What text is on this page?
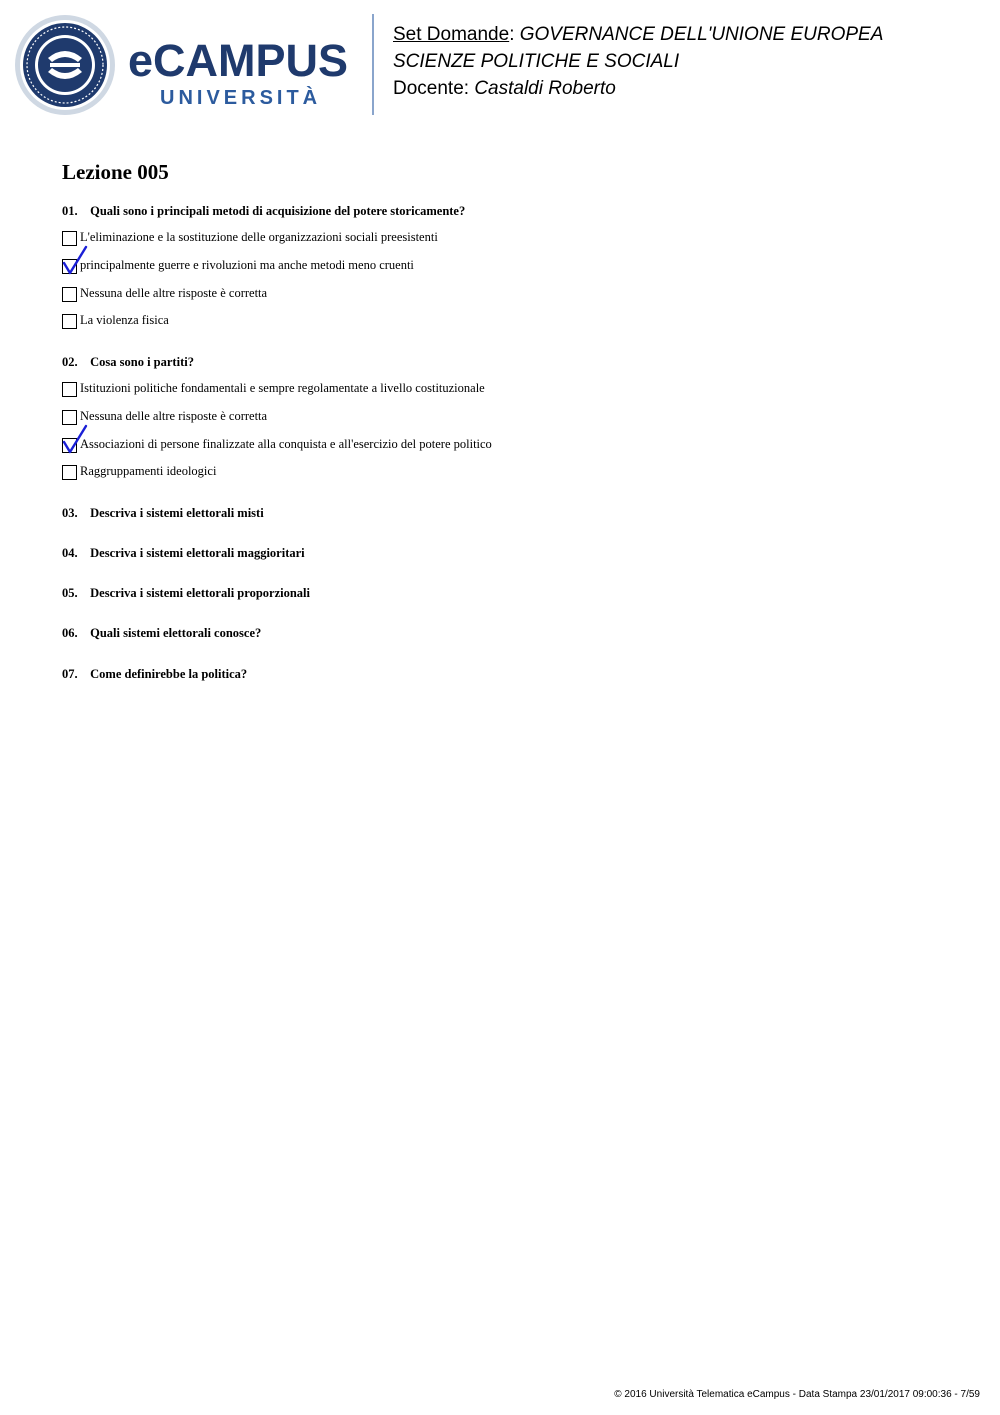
eCAMPUS
UNIVERSITÀ
Set Domande: GOVERNANCE DELL'UNIONE EUROPEA
SCIENZE POLITICHE E SOCIALI
Docente: Castaldi Roberto
Lezione 005
01. Quali sono i principali metodi di acquisizione del potere storicamente?
L'eliminazione e la sostituzione delle organizzazioni sociali preesistenti
principalmente guerre e rivoluzioni ma anche metodi meno cruenti
Nessuna delle altre risposte è corretta
La violenza fisica
02. Cosa sono i partiti?
Istituzioni politiche fondamentali e sempre regolamentate a livello costituzionale
Nessuna delle altre risposte è corretta
Associazioni di persone finalizzate alla conquista e all'esercizio del potere politico
Raggruppamenti ideologici
03. Descriva i sistemi elettorali misti
04. Descriva i sistemi elettorali maggioritari
05. Descriva i sistemi elettorali proporzionali
06. Quali sistemi elettorali conosce?
07. Come definirebbe la politica?
© 2016 Università Telematica eCampus - Data Stampa 23/01/2017 09:00:36 - 7/59
